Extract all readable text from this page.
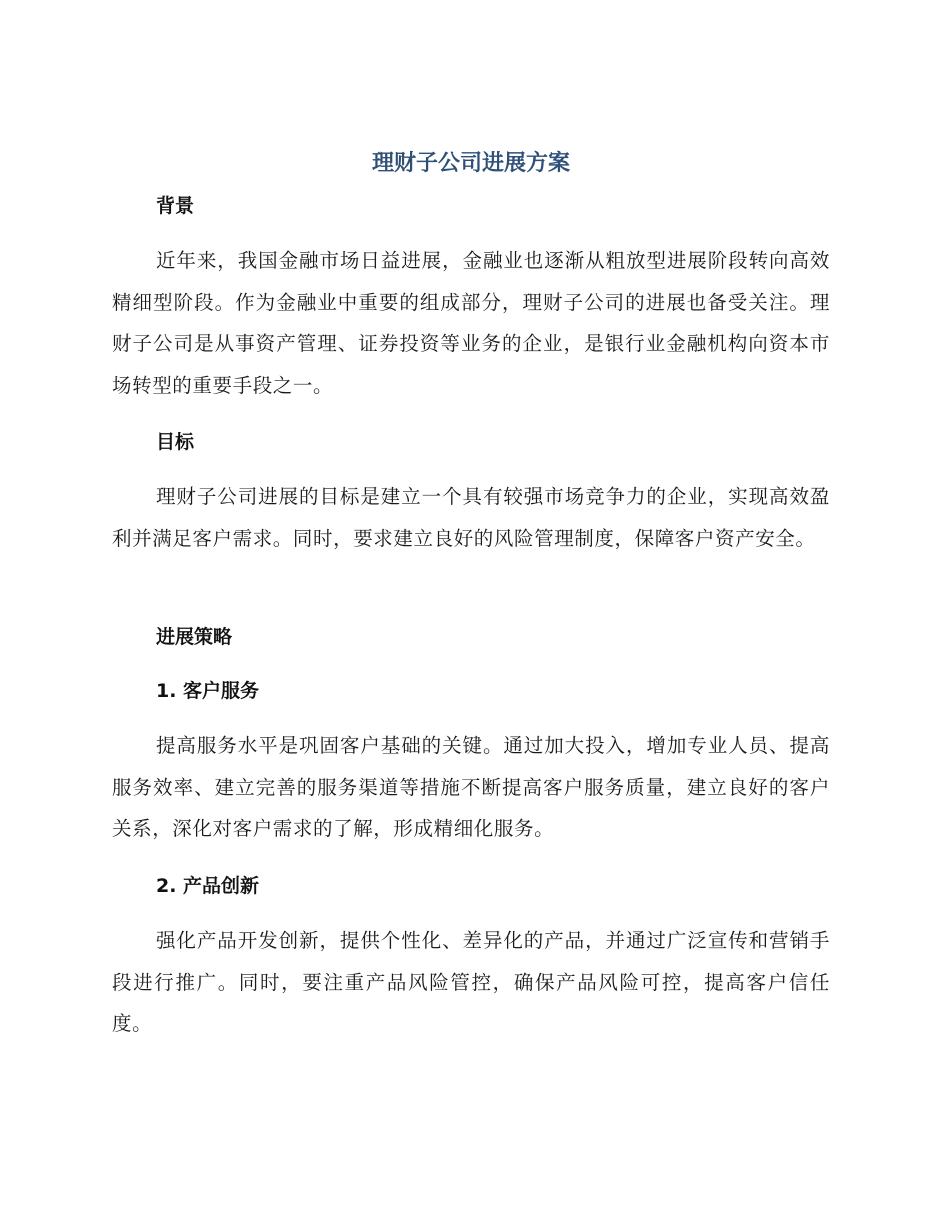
理财子公司进展方案
背景

近年来，我国金融市场日益进展，金融业也逐渐从粗放型进展阶段转向高效精细型阶段。作为金融业中重要的组成部分，理财子公司的进展也备受关注。理财子公司是从事资产管理、证券投资等业务的企业，是银行业金融机构向资本市场转型的重要手段之一。

目标

理财子公司进展的目标是建立一个具有较强市场竞争力的企业，实现高效盈利并满足客户需求。同时，要求建立良好的风险管理制度，保障客户资产安全。

进展策略
1. 客户服务

提高服务水平是巩固客户基础的关键。通过加大投入，增加专业人员、提高服务效率、建立完善的服务渠道等措施不断提高客户服务质量，建立良好的客户关系，深化对客户需求的了解，形成精细化服务。

2. 产品创新

强化产品开发创新，提供个性化、差异化的产品，并通过广泛宣传和营销手段进行推广。同时，要注重产品风险管控，确保产品风险可控，提高客户信任度。
